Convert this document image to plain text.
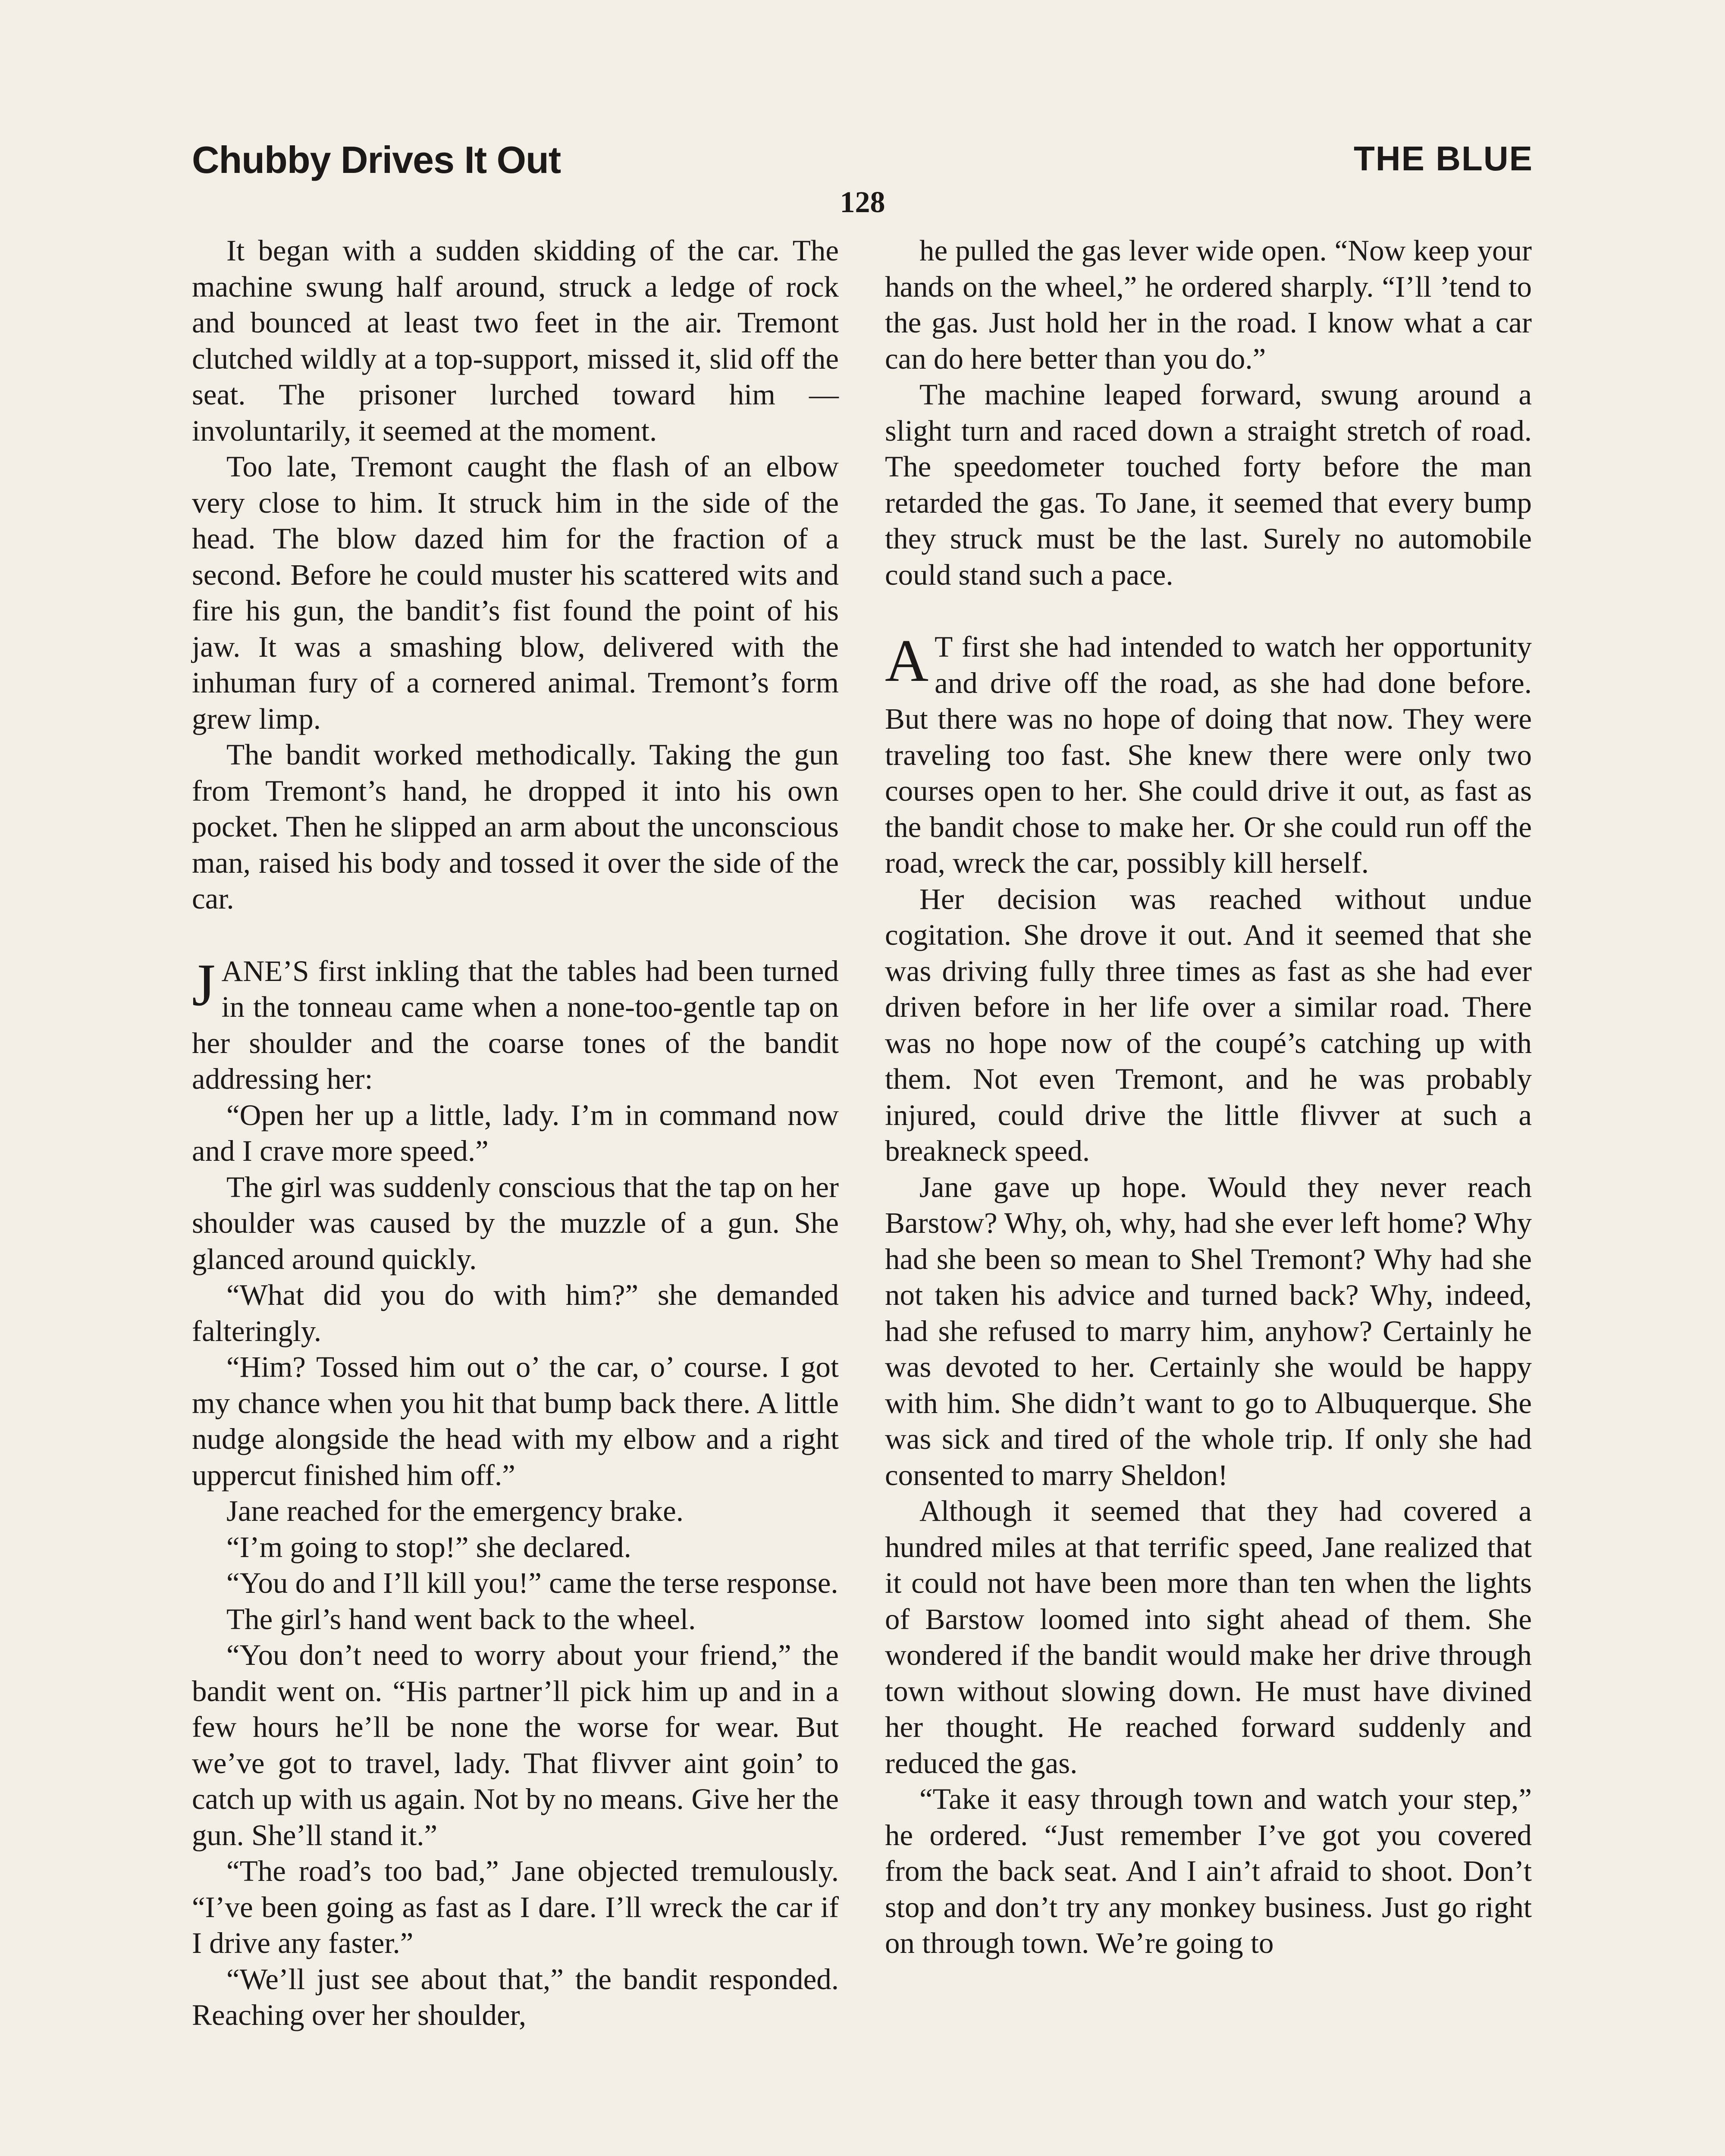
Chubby Drives It Out	THE BLUE
128

It began with a sudden skidding of the car. The machine swung half around, struck a ledge of rock and bounced at least two feet in the air. Tremont clutched wildly at a top-support, missed it, slid off the seat. The prisoner lurched toward him —involuntarily, it seemed at the moment.

Too late, Tremont caught the flash of an elbow very close to him. It struck him in the side of the head. The blow dazed him for the fraction of a second. Before he could muster his scattered wits and fire his gun, the bandit’s fist found the point of his jaw. It was a smashing blow, delivered with the inhuman fury of a cornered animal. Tremont’s form grew limp.

The bandit worked methodically. Taking the gun from Tremont’s hand, he dropped it into his own pocket. Then he slipped an arm about the unconscious man, raised his body and tossed it over the side of the car.

JANE’S first inkling that the tables had been turned in the tonneau came when a none-too-gentle tap on her shoulder and the coarse tones of the bandit addressing her:

“Open her up a little, lady. I’m in command now and I crave more speed.”

The girl was suddenly conscious that the tap on her shoulder was caused by the muzzle of a gun. She glanced around quickly.

“What did you do with him?” she demanded falteringly.

“Him? Tossed him out o’ the car, o’ course. I got my chance when you hit that bump back there. A little nudge alongside the head with my elbow and a right uppercut finished him off.”

Jane reached for the emergency brake.

“I’m going to stop!” she declared.

“You do and I’ll kill you!” came the terse response.

The girl’s hand went back to the wheel.

“You don’t need to worry about your friend,” the bandit went on. “His partner’ll pick him up and in a few hours he’ll be none the worse for wear. But we’ve got to travel, lady. That flivver aint goin’ to catch up with us again. Not by no means. Give her the gun. She’ll stand it.”

“The road’s too bad,” Jane objected tremulously. “I’ve been going as fast as I dare. I’ll wreck the car if I drive any faster.”

“We’ll just see about that,” the bandit responded. Reaching over her shoulder,

he pulled the gas lever wide open. “Now keep your hands on the wheel,” he ordered sharply. “I’ll ’tend to the gas. Just hold her in the road. I know what a car can do here better than you do.”

The machine leaped forward, swung around a slight turn and raced down a straight stretch of road. The speedometer touched forty before the man retarded the gas. To Jane, it seemed that every bump they struck must be the last. Surely no automobile could stand such a pace.

A T first she had intended to watch her opportunity and drive off the road, as she had done before. But there was no hope of doing that now. They were traveling too fast. She knew there were only two courses open to her. She could drive it out, as fast as the bandit chose to make her. Or she could run off the road, wreck the car, possibly kill herself.

Her decision was reached without undue cogitation. She drove it out. And it seemed that she was driving fully three times as fast as she had ever driven before in her life over a similar road. There was no hope now of the coupé’s catching up with them. Not even Tremont, and he was probably injured, could drive the little flivver at such a breakneck speed.

Jane gave up hope. Would they never reach Barstow? Why, oh, why, had she ever left home? Why had she been so mean to Shel Tremont? Why had she not taken his advice and turned back? Why, indeed, had she refused to marry him, anyhow? Certainly he was devoted to her. Certainly she would be happy with him. She didn’t want to go to Albuquerque. She was sick and tired of the whole trip. If only she had consented to marry Sheldon!

Although it seemed that they had covered a hundred miles at that terrific speed, Jane realized that it could not have been more than ten when the lights of Barstow loomed into sight ahead of them. She wondered if the bandit would make her drive through town without slowing down. He must have divined her thought. He reached forward suddenly and reduced the gas.

“Take it easy through town and watch your step,” he ordered. “Just remember I’ve got you covered from the back seat. And I ain’t afraid to shoot. Don’t stop and don’t try any monkey business. Just go right on through town. We’re going to
